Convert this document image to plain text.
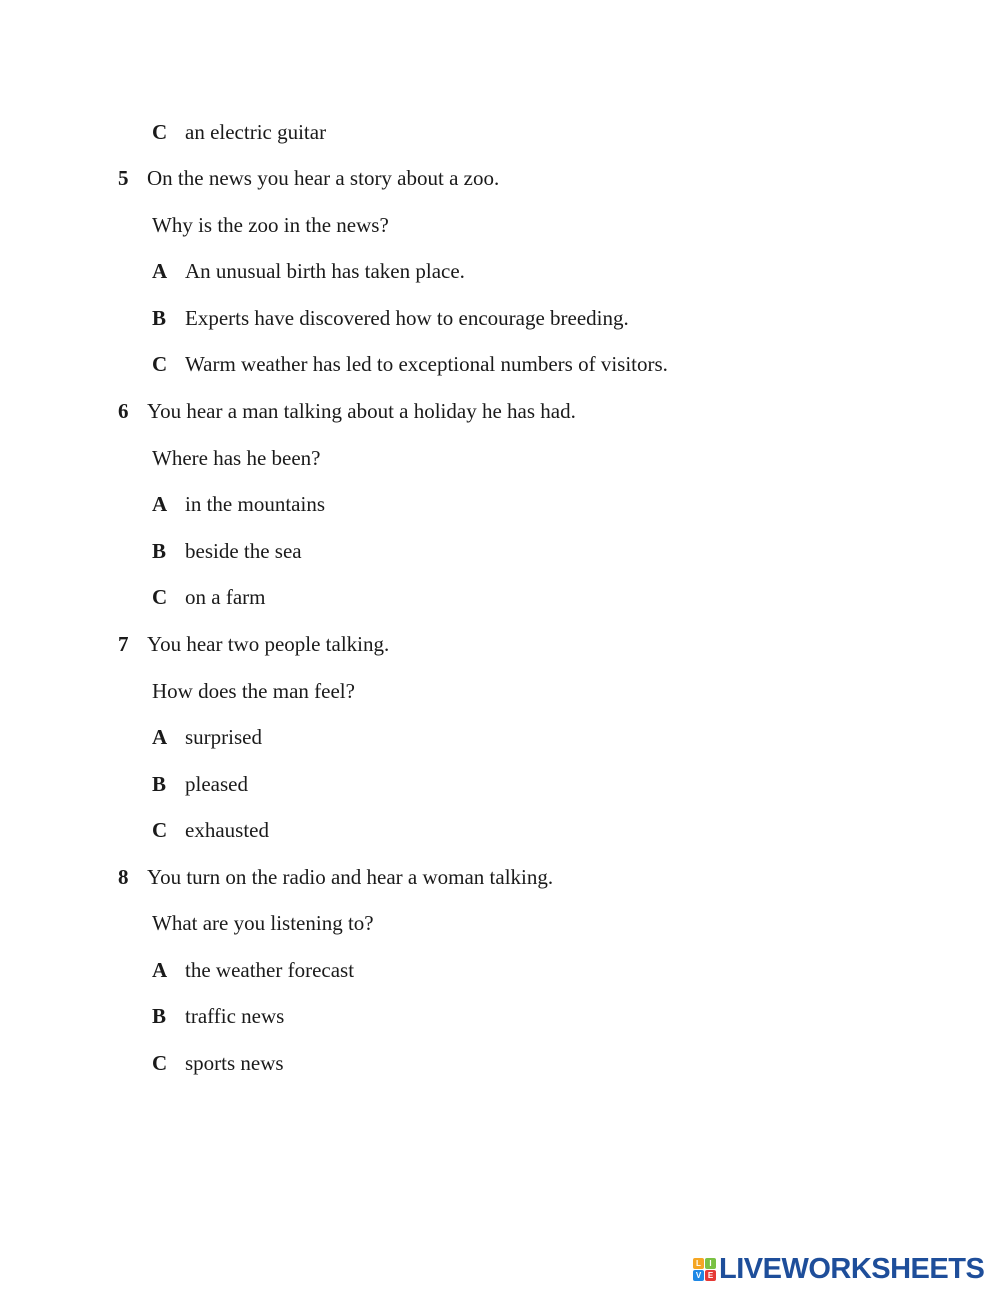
C an electric guitar
5 On the news you hear a story about a zoo.
Why is the zoo in the news?
A An unusual birth has taken place.
B Experts have discovered how to encourage breeding.
C Warm weather has led to exceptional numbers of visitors.
6 You hear a man talking about a holiday he has had.
Where has he been?
A in the mountains
B beside the sea
C on a farm
7 You hear two people talking.
How does the man feel?
A surprised
B pleased
C exhausted
8 You turn on the radio and hear a woman talking.
What are you listening to?
A the weather forecast
B traffic news
C sports news
L	I
V E LIVEWORKSHEETS
